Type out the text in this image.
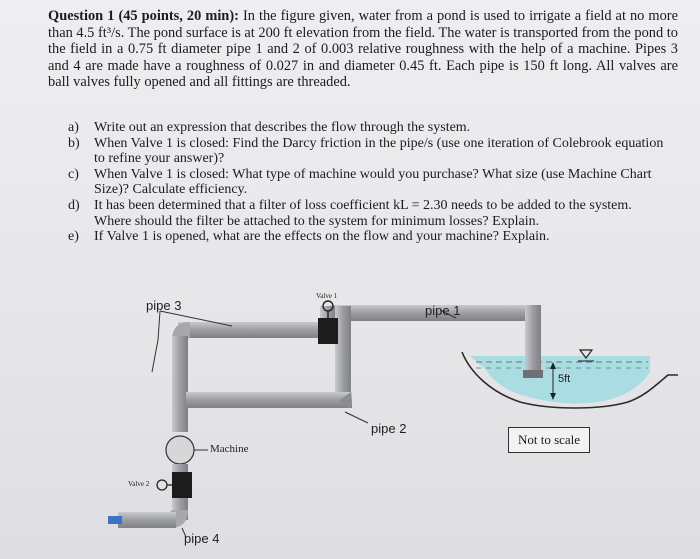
Question 1 (45 points, 20 min): In the figure given, water from a pond is used to irrigate a field at no more than 4.5 ft³/s. The pond surface is at 200 ft elevation from the field. The water is transported from the pond to the field in a 0.75 ft diameter pipe 1 and 2 of 0.003 relative roughness with the help of a machine. Pipes 3 and 4 are made have a roughness of 0.027 in and diameter 0.45 ft. Each pipe is 150 ft long. All valves are ball valves fully opened and all fittings are threaded.
a)	Write out an expression that describes the flow through the system.
b)	When Valve 1 is closed: Find the Darcy friction in the pipe/s (use one iteration of Colebrook equation to refine your answer)?
c)	When Valve 1 is closed: What type of machine would you purchase? What size (use Machine Chart Size)? Calculate efficiency.
d)	It has been determined that a filter of loss coefficient kL = 2.30 needs to be added to the system. Where should the filter be attached to the system for minimum losses? Explain.
e)	If Valve 1 is opened, what are the effects on the flow and your machine? Explain.
pipe 3	pipe 1
pipe 2
pipe 4
Valve 1
Valve 2
Machine
5ft
Not to scale
